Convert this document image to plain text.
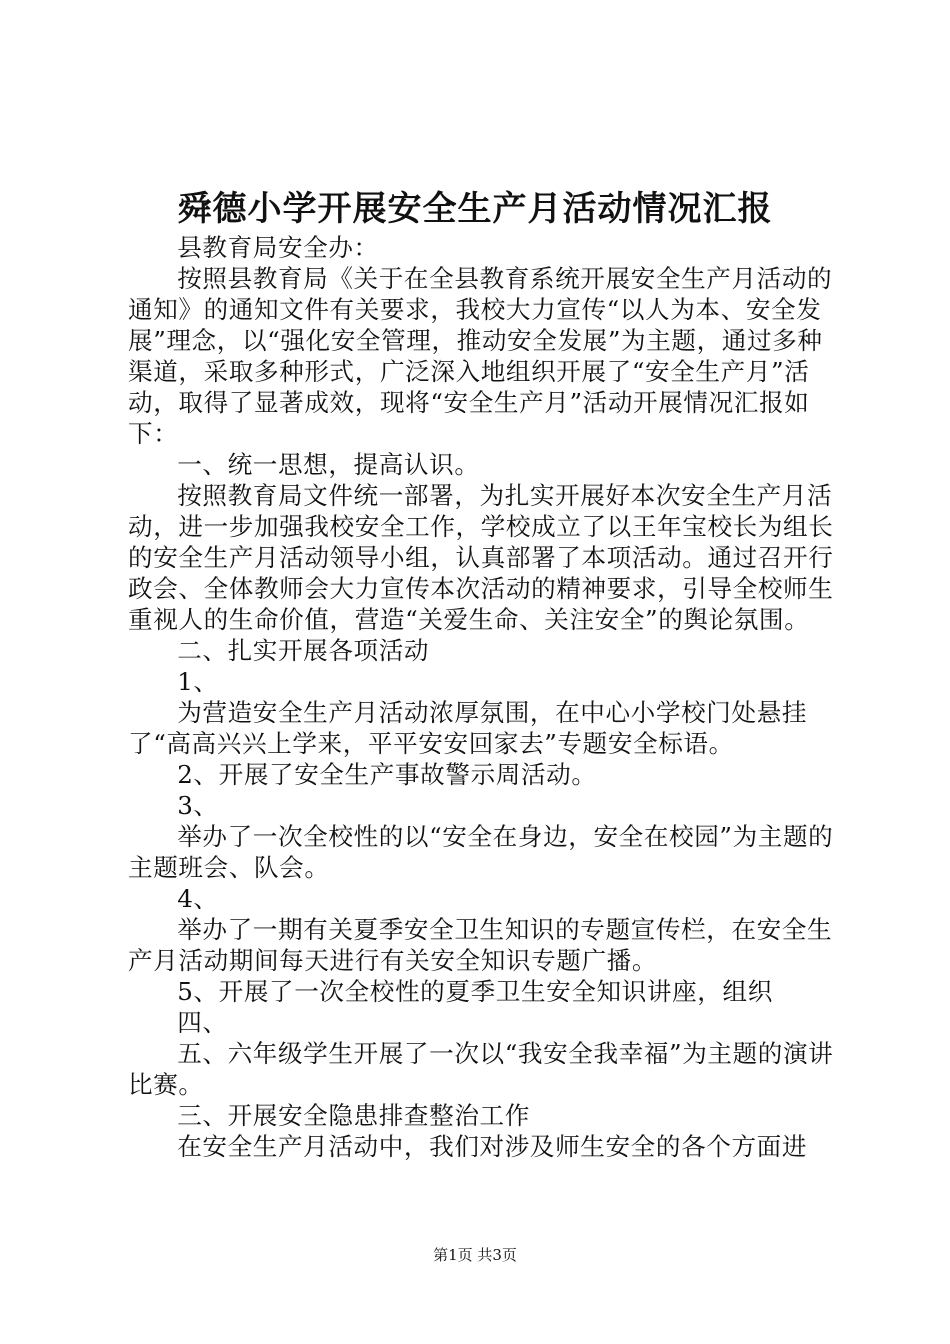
舜德小学开展安全生产月活动情况汇报

县教育局安全办：

按照县教育局《关于在全县教育系统开展安全生产月活动的通知》的通知文件有关要求，我校大力宣传“以人为本、安全发展”理念，以“强化安全管理，推动安全发展”为主题，通过多种渠道，采取多种形式，广泛深入地组织开展了“安全生产月”活动，取得了显著成效，现将“安全生产月”活动开展情况汇报如下：

一、统一思想，提高认识。

按照教育局文件统一部署，为扎实开展好本次安全生产月活动，进一步加强我校安全工作，学校成立了以王年宝校长为组长的安全生产月活动领导小组，认真部署了本项活动。通过召开行政会、全体教师会大力宣传本次活动的精神要求，引导全校师生重视人的生命价值，营造“关爱生命、关注安全”的舆论氛围。

二、扎实开展各项活动

1、

为营造安全生产月活动浓厚氛围，在中心小学校门处悬挂了“高高兴兴上学来，平平安安回家去”专题安全标语。

2、开展了安全生产事故警示周活动。

3、

举办了一次全校性的以“安全在身边，安全在校园”为主题的主题班会、队会。

4、

举办了一期有关夏季安全卫生知识的专题宣传栏，在安全生产月活动期间每天进行有关安全知识专题广播。

5、开展了一次全校性的夏季卫生安全知识讲座，组织

四、

五、六年级学生开展了一次以“我安全我幸福”为主题的演讲比赛。

三、开展安全隐患排查整治工作

在安全生产月活动中，我们对涉及师生安全的各个方面进

第1页 共3页
